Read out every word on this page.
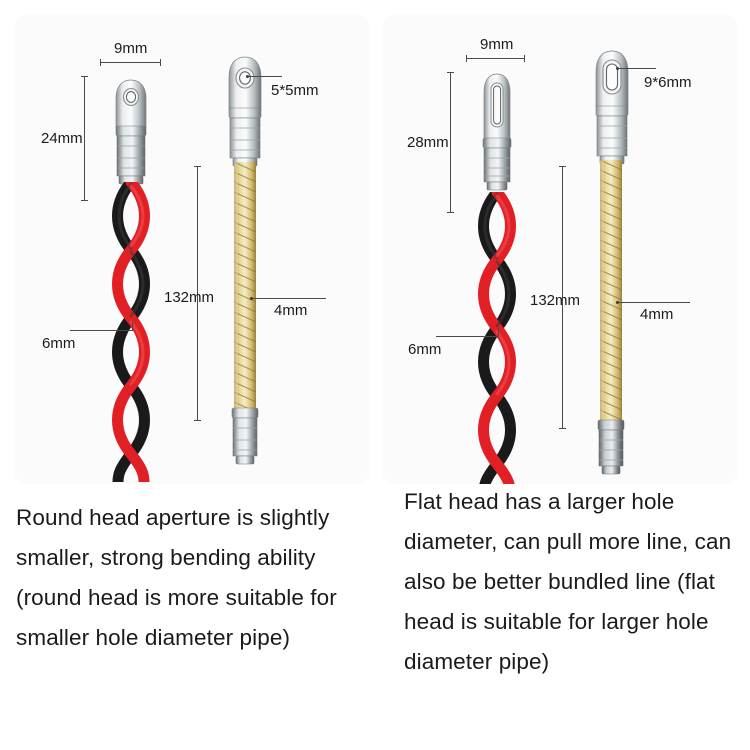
9mm
24mm
5*5mm
6mm
132mm
4mm
9mm
28mm
9*6mm
6mm
132mm
4mm
Round head aperture is slightly smaller, strong bending ability (round head is more suitable for smaller hole diameter pipe)
Flat head has a larger hole diameter, can pull more line, can also be better bundled line (flat head is suitable for larger hole diameter pipe)
